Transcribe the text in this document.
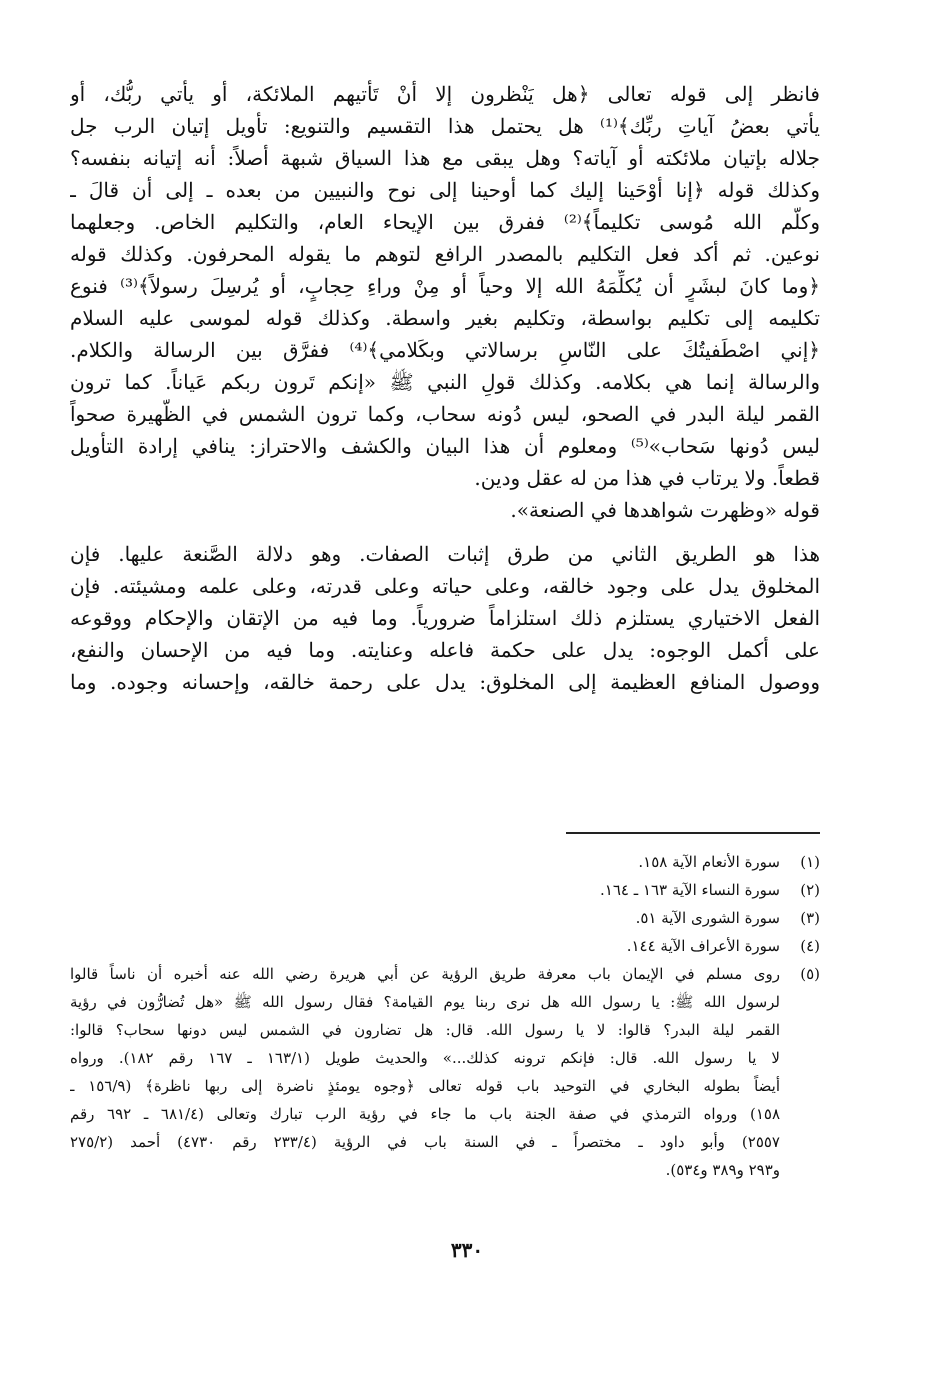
فانظر إلى قوله تعالى ﴿هل يَنْظرون إلا أنْ تَأتيهم الملائكة، أو يأتي ربُّك، أو
يأتي بعضُ آياتِ ربِّك﴾⁽¹⁾ هل يحتمل هذا التقسيم والتنويع: تأويل إتيان الرب جل
جلاله بإتيان ملائكته أو آياته؟ وهل يبقى مع هذا السياق شبهة أصلاً: أنه إتيانه بنفسه؟
وكذلك قوله ﴿إنا أوْحَينا إليك كما أوحينا إلى نوح والنبيين من بعده ـ إلى أن قالَ ـ
وكلّم الله مُوسى تكليماً﴾⁽²⁾ ففرق بين الإيحاء العام، والتكليم الخاص. وجعلهما
نوعين. ثم أكد فعل التكليم بالمصدر الرافع لتوهم ما يقوله المحرفون. وكذلك قوله
﴿وما كانَ لبشَرٍ أن يُكلِّمَهُ الله إلا وحياً أو مِنْ وراءِ حِجابٍ، أو يُرسِلَ رسولاً﴾⁽³⁾ فنوع
تكليمه إلى تكليم بواسطة، وتكليم بغير واسطة. وكذلك قوله لموسى عليه السلام
﴿إني اصْطَفيتُكَ على النّاسِ برسالاتي وبكَلامي﴾⁽⁴⁾ ففرَّق بين الرسالة والكلام.
والرسالة إنما هي بكلامه. وكذلك قولِ النبي ﷺ «إنكم تَرون ربكم عَياناً. كما ترون
القمر ليلة البدر في الصحو، ليس دُونه سحاب، وكما ترون الشمس في الظّهيرة صحواً
ليس دُونها سَحاب»⁽⁵⁾ ومعلوم أن هذا البيان والكشف والاحتراز: ينافي إرادة التأويل
قطعاً. ولا يرتاب في هذا من له عقل ودين.
قوله «وظهرت شواهدها في الصنعة».
هذا هو الطريق الثاني من طرق إثبات الصفات. وهو دلالة الصَّنعة عليها. فإن
المخلوق يدل على وجود خالقه، وعلى حياته وعلى قدرته، وعلى علمه ومشيئته. فإن
الفعل الاختياري يستلزم ذلك استلزاماً ضرورياً. وما فيه من الإتقان والإحكام ووقوعه
على أكمل الوجوه: يدل على حكمة فاعله وعنايته. وما فيه من الإحسان والنفع،
ووصول المنافع العظيمة إلى المخلوق: يدل على رحمة خالقه، وإحسانه وجوده. وما
(١)
سورة الأنعام الآية ١٥٨.
(٢)
سورة النساء الآية ١٦٣ ـ ١٦٤.
(٣)
سورة الشورى الآية ٥١.
(٤)
سورة الأعراف الآية ١٤٤.
(٥)
روى مسلم في الإيمان باب معرفة طريق الرؤية عن أبي هريرة رضي الله عنه أخبره أن ناساً قالوا
لرسول الله ﷺ: يا رسول الله هل نرى ربنا يوم القيامة؟ فقال رسول الله ﷺ «هل تُضارُّون في رؤية
القمر ليلة البدر؟ قالوا: لا يا رسول الله. قال: هل تضارون في الشمس ليس دونها سحاب؟ قالوا:
لا يا رسول الله. قال: فإنكم ترونه كذلك...» والحديث طويل (١٦٣/١ ـ ١٦٧ رقم ١٨٢). ورواه
أيضاً بطوله البخاري في التوحيد باب قوله تعالى ﴿وجوه يومئذٍ ناضرة إلى ربها ناظرة﴾ (١٥٦/٩ ـ
١٥٨) ورواه الترمذي في صفة الجنة باب ما جاء في رؤية الرب تبارك وتعالى (٦٨١/٤ ـ ٦٩٢ رقم
٢٥٥٧) وأبو داود ـ مختصراً ـ في السنة باب في الرؤية (٢٣٣/٤ رقم ٤٧٣٠) أحمد (٢٧٥/٢
و٢٩٣ و٣٨٩ و٥٣٤).
٣٣٠
